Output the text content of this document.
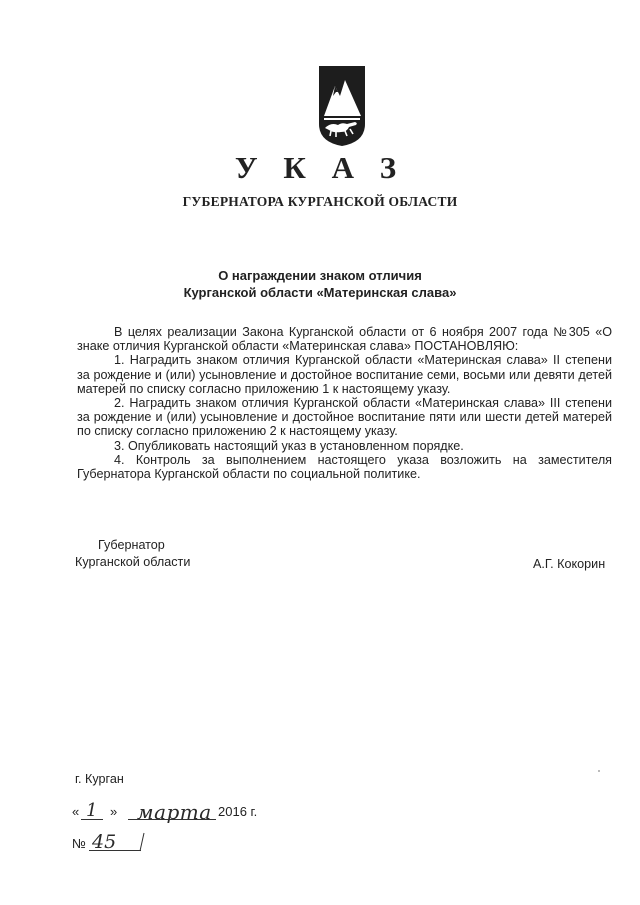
У К А З
ГУБЕРНАТОРА КУРГАНСКОЙ ОБЛАСТИ
О награждении знаком отличия
Курганской области «Материнская слава»

В целях реализации Закона Курганской области от 6 ноября 2007 года №305 «О знаке отличия Курганской области «Материнская слава» ПОСТАНОВЛЯЮ:

1. Наградить знаком отличия Курганской области «Материнская слава» II степени за рождение и (или) усыновление и достойное воспитание семи, восьми или девяти детей матерей по списку согласно приложению 1 к настоящему указу.

2. Наградить знаком отличия Курганской области «Материнская слава» III степени за рождение и (или) усыновление и достойное воспитание пяти или шести детей матерей по списку согласно приложению 2 к настоящему указу.

3. Опубликовать настоящий указ в установленном порядке.

4. Контроль за выполнением настоящего указа возложить на заместителя Губернатора Курганской области по социальной политике.

Губернатор
Курганской области	А.Г. Кокорин
г. Курган
« 1 » марта 2016 г.
№ 45
